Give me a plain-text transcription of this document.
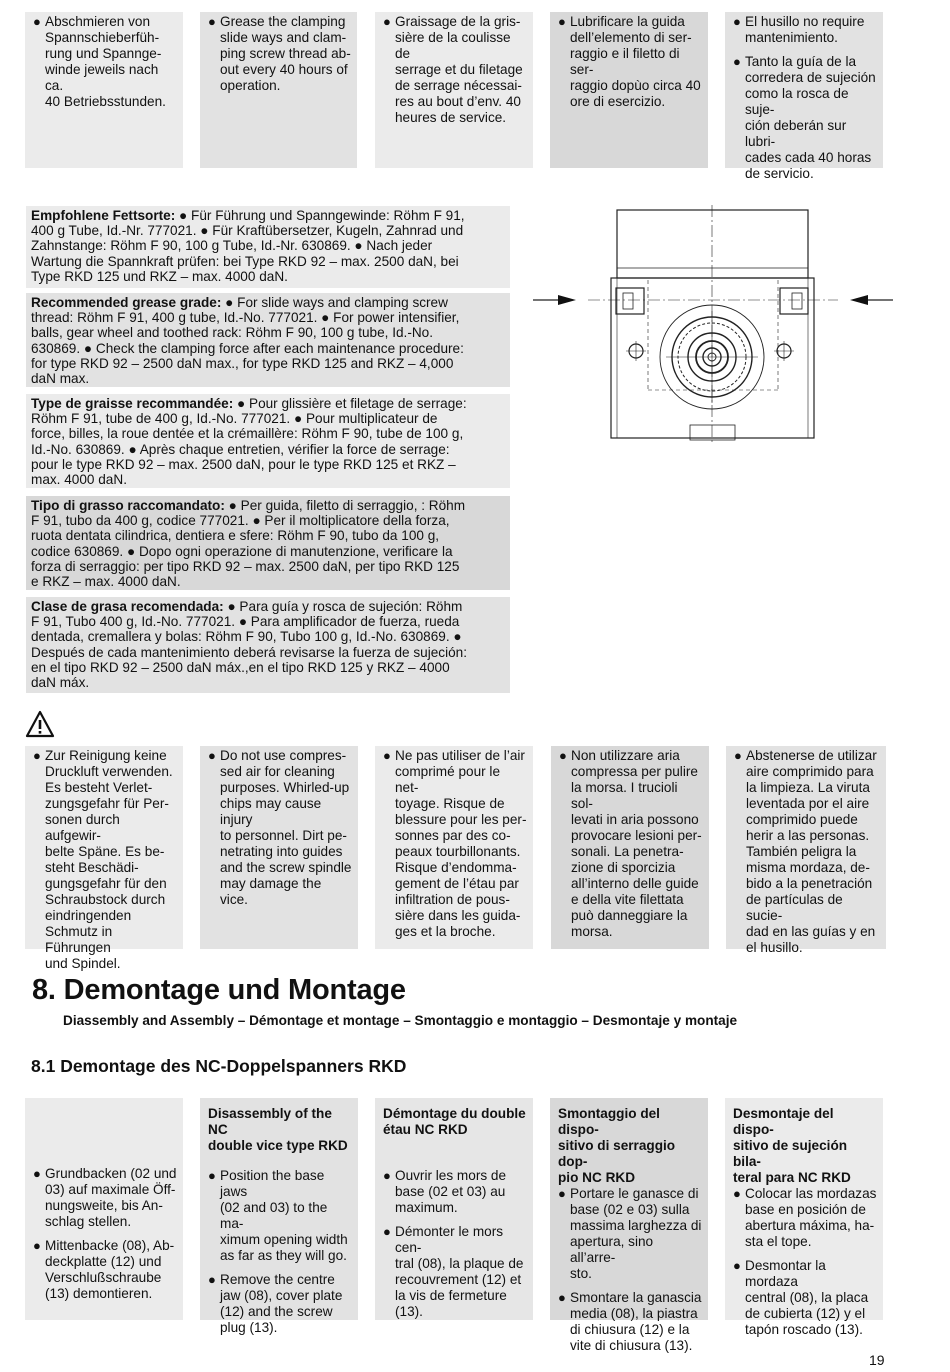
● Abschmieren von
Spannschieberfüh-
rung und Spannge-
winde jeweils nach ca.
40 Betriebsstunden.
● Grease the clamping
slide ways and clam-
ping screw thread ab-
out every 40 hours of
operation.
● Graissage de la gris-
sière de la coulisse de
serrage et du filetage
de serrage nécessai-
res au bout d’env. 40
heures de service.
● Lubrificare la guida
dell’elemento di ser-
raggio e il filetto di ser-
raggio dopùo circa 40
ore di esercizio.
● El husillo no require
mantenimiento.
● Tanto la guía de la
corredera de sujeción
como la rosca de suje-
ción deberán sur lubri-
cades cada 40 horas
de servicio.
Empfohlene Fettsorte: ● Für Führung und Spanngewinde: Röhm F 91,
400 g Tube, Id.-Nr. 777021. ● Für Kraftübersetzer, Kugeln, Zahnrad und
Zahnstange: Röhm F 90, 100 g Tube, Id.-Nr. 630869. ● Nach jeder
Wartung die Spannkraft prüfen: bei Type RKD 92 – max. 2500 daN, bei
Type RKD 125 und RKZ – max. 4000 daN.
Recommended grease grade: ● For slide ways and clamping screw
thread: Röhm F 91, 400 g tube, Id.-No. 777021. ● For power intensifier,
balls, gear wheel and toothed rack: Röhm F 90, 100 g tube, Id.-No.
630869. ● Check the clamping force after each maintenance procedure:
for type RKD 92 – 2500 daN max., for type RKD 125 and RKZ – 4,000
daN max.
Type de graisse recommandée: ● Pour glissière et filetage de serrage:
Röhm F 91, tube de 400 g, Id.-No. 777021. ● Pour multiplicateur de
force, billes, la roue dentée et la crémaillère: Röhm F 90, tube de 100 g,
Id.-No. 630869. ● Après chaque entretien, vérifier la force de serrage:
pour le type RKD 92 – max. 2500 daN, pour le type RKD 125 et RKZ –
max. 4000 daN.
Tipo di grasso raccomandato: ● Per guida, filetto di serraggio, : Röhm
F 91, tubo da 400 g, codice 777021. ● Per il moltiplicatore della forza,
ruota dentata cilindrica, dentiera e sfere: Röhm F 90, tubo da 100 g,
codice 630869. ● Dopo ogni operazione di manutenzione, verificare la
forza di serraggio: per tipo RKD 92 – max. 2500 daN, per tipo RKD 125
e RKZ – max. 4000 daN.
Clase de grasa recomendada: ● Para guía y rosca de sujeción: Röhm
F 91, Tubo 400 g, Id.-No. 777021. ● Para amplificador de fuerza, rueda
dentada, cremallera y bolas: Röhm F 90, Tubo 100 g, Id.-No. 630869. ●
Después de cada mantenimiento deberá revisarse la fuerza de sujeción:
en el tipo RKD 92 – 2500 daN máx.,en el tipo RKD 125 y RKZ – 4000
daN máx.
● Zur Reinigung keine
Druckluft verwenden.
Es besteht Verlet-
zungsgefahr für Per-
sonen durch aufgewir-
belte Späne. Es be-
steht Beschädi-
gungsgefahr für den
Schraubstock durch
eindringenden
Schmutz in Führungen
und Spindel.
● Do not use compres-
sed air for cleaning
purposes. Whirled-up
chips may cause injury
to personnel. Dirt pe-
netrating into guides
and the screw spindle
may damage the vice.
● Ne pas utiliser de l’air
comprimé pour le net-
toyage. Risque de
blessure pour les per-
sonnes par des co-
peaux tourbillonants.
Risque d’endomma-
gement de l’étau par
infiltration de pous-
sière dans les guida-
ges et la broche.
● Non utilizzare aria
compressa per pulire
la morsa. I trucioli sol-
levati in aria possono
provocare lesioni per-
sonali. La penetra-
zione di sporcizia
all’interno delle guide
e della vite filettata
può danneggiare la
morsa.
● Abstenerse de utilizar
aire comprimido para
la limpieza. La viruta
leventada por el aire
comprimido puede
herir a las personas.
También peligra la
misma mordaza, de-
bido a la penetración
de partículas de sucie-
dad en las guías y en
el husillo.
8. Demontage und Montage
Diassembly and Assembly – Démontage et montage – Smontaggio e montaggio – Desmontaje y montaje
8.1 Demontage des NC-Doppelspanners RKD
● Grundbacken (02 und
03) auf maximale Öff-
nungsweite, bis An-
schlag stellen.
● Mittenbacke (08), Ab-
deckplatte (12) und
Verschlußschraube
(13) demontieren.
Disassembly of the NC
double vice type RKD
● Position the base jaws
(02 and 03) to the ma-
ximum opening width
as far as they will go.
● Remove the centre
jaw (08), cover plate
(12) and the screw
plug (13).
Démontage du double
étau NC RKD
● Ouvrir les mors de
base (02 et 03) au
maximum.
● Démonter le mors cen-
tral (08), la plaque de
recouvrement (12) et
la vis de fermeture
(13).
Smontaggio del dispo-
sitivo di serraggio dop-
pio NC RKD
● Portare le ganasce di
base (02 e 03) sulla
massima larghezza di
apertura, sino all’arre-
sto.
● Smontare la ganascia
media (08), la piastra
di chiusura (12) e la
vite di chiusura (13).
Desmontaje del dispo-
sitivo de sujeción bila-
teral para NC RKD
● Colocar las mordazas
base en posición de
abertura máxima, ha-
sta el tope.
● Desmontar la mordaza
central (08), la placa
de cubierta (12) y el
tapón roscado (13).
19
